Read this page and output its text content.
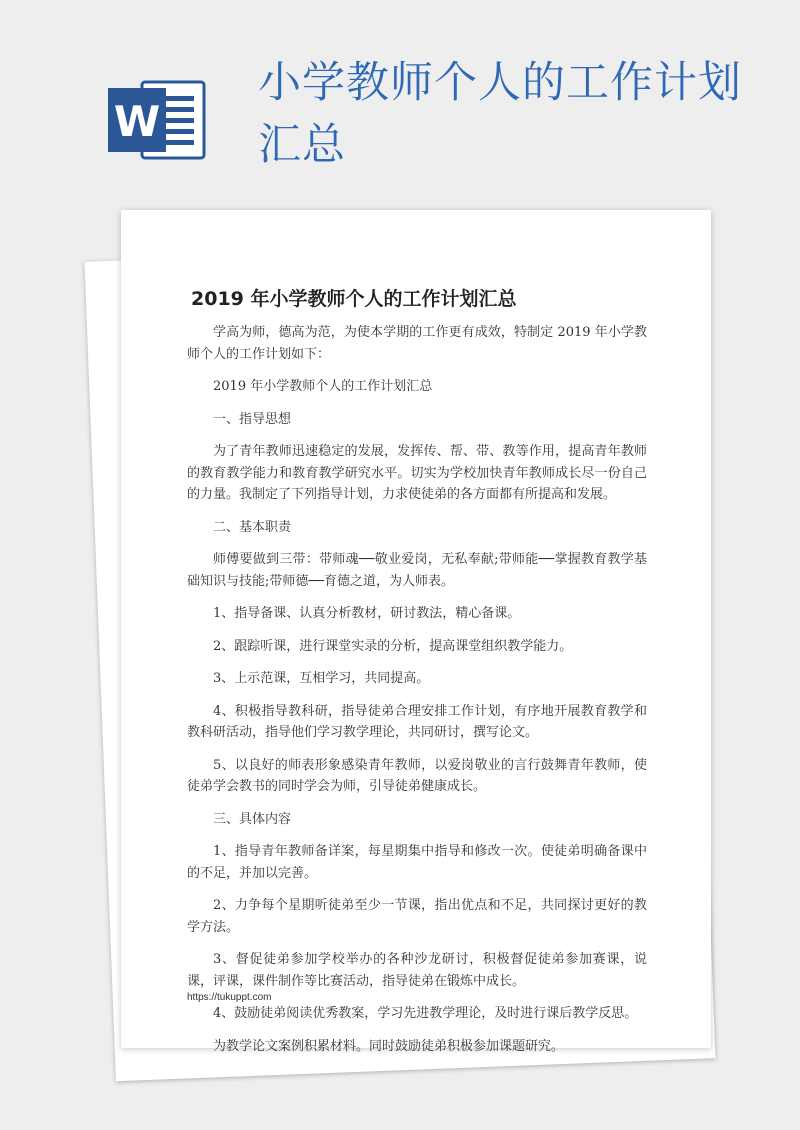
W
小学教师个人的工作计划汇总
2019 年小学教师个人的工作计划汇总

学高为师，德高为范，为使本学期的工作更有成效，特制定 2019 年小学教师个人的工作计划如下：

2019 年小学教师个人的工作计划汇总

一、指导思想

为了青年教师迅速稳定的发展，发挥传、帮、带、教等作用，提高青年教师的教育教学能力和教育教学研究水平。切实为学校加快青年教师成长尽一份自己的力量。我制定了下列指导计划，力求使徒弟的各方面都有所提高和发展。

二、基本职责

师傅要做到三带：带师魂──敬业爱岗，无私奉献;带师能──掌握教育教学基础知识与技能;带师德──育德之道，为人师表。

1、指导备课、认真分析教材，研讨教法，精心备课。

2、跟踪听课，进行课堂实录的分析，提高课堂组织教学能力。

3、上示范课，互相学习，共同提高。

4、积极指导教科研，指导徒弟合理安排工作计划，有序地开展教育教学和教科研活动，指导他们学习教学理论，共同研讨，撰写论文。

5、以良好的师表形象感染青年教师，以爱岗敬业的言行鼓舞青年教师，使徒弟学会教书的同时学会为师，引导徒弟健康成长。

三、具体内容

1、指导青年教师备详案，每星期集中指导和修改一次。使徒弟明确备课中的不足，并加以完善。

2、力争每个星期听徒弟至少一节课，指出优点和不足，共同探讨更好的教学方法。

3、督促徒弟参加学校举办的各种沙龙研讨，积极督促徒弟参加赛课，说课，评课，课件制作等比赛活动，指导徒弟在锻炼中成长。

4、鼓励徒弟阅读优秀教案，学习先进教学理论，及时进行课后教学反思。

为教学论文案例积累材料。同时鼓励徒弟积极参加课题研究。

https://tukuppt.com
